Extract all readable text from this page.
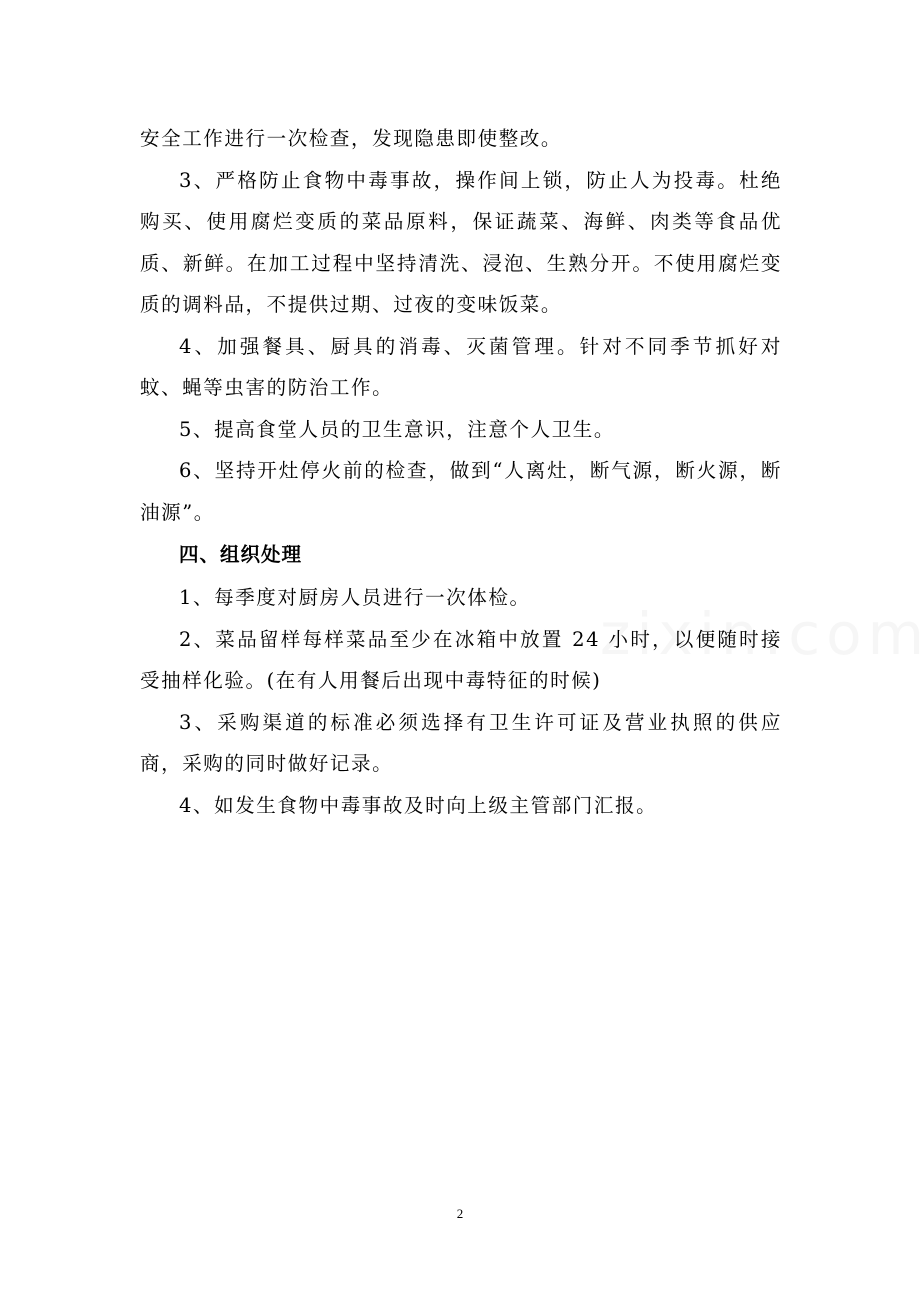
安全工作进行一次检查，发现隐患即使整改。

3、严格防止食物中毒事故，操作间上锁，防止人为投毒。杜绝购买、使用腐烂变质的菜品原料，保证蔬菜、海鲜、肉类等食品优质、新鲜。在加工过程中坚持清洗、浸泡、生熟分开。不使用腐烂变质的调料品，不提供过期、过夜的变味饭菜。

4、加强餐具、厨具的消毒、灭菌管理。针对不同季节抓好对蚊、蝇等虫害的防治工作。

5、提高食堂人员的卫生意识，注意个人卫生。

6、坚持开灶停火前的检查，做到“人离灶，断气源，断火源，断油源”。

四、组织处理

1、每季度对厨房人员进行一次体检。

2、菜品留样每样菜品至少在冰箱中放置 24 小时，以便随时接受抽样化验。(在有人用餐后出现中毒特征的时候)

3、采购渠道的标准必须选择有卫生许可证及营业执照的供应商，采购的同时做好记录。

4、如发生食物中毒事故及时向上级主管部门汇报。

2
